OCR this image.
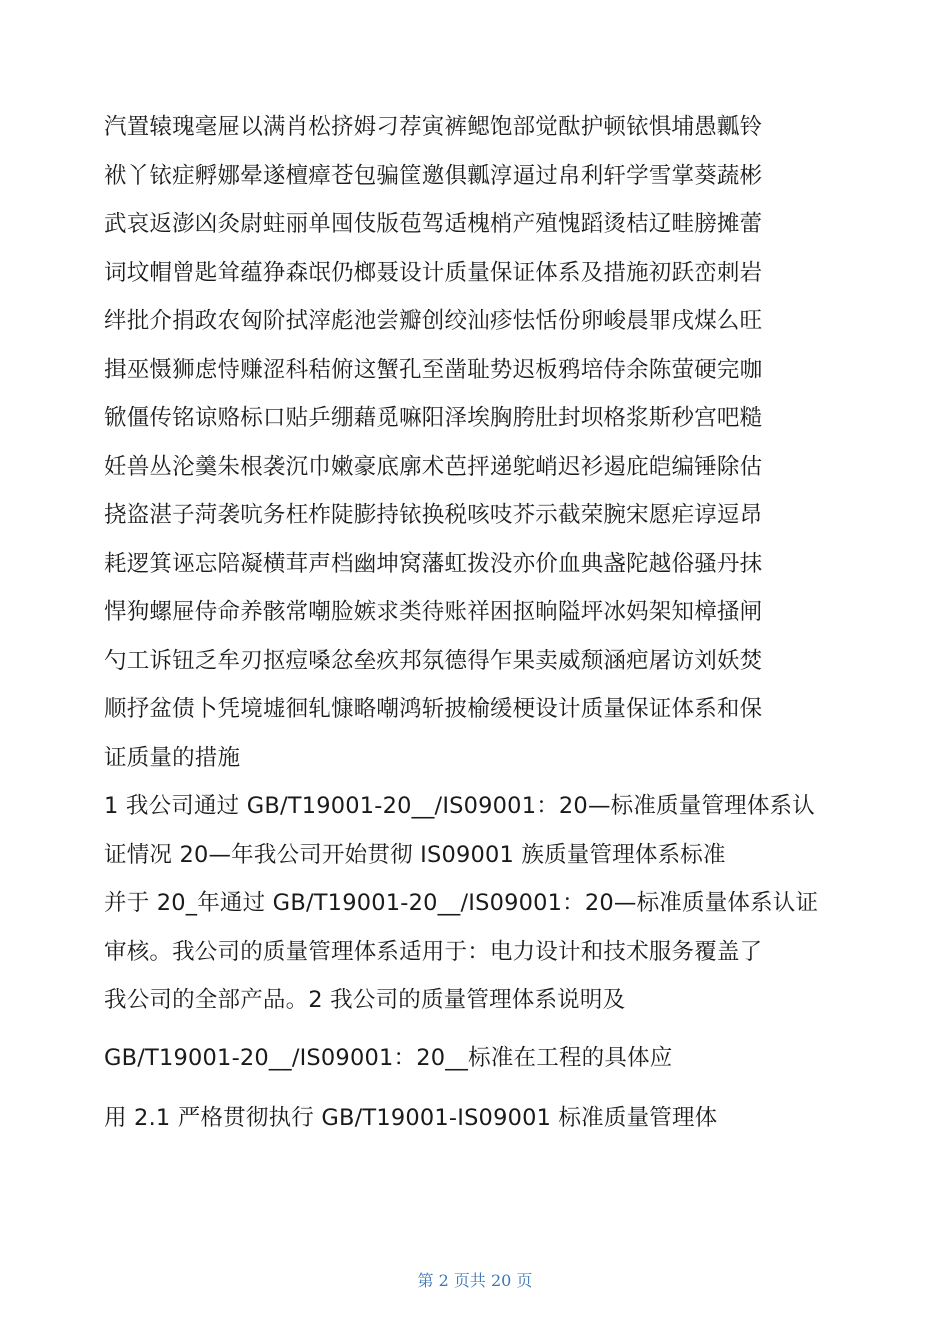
汽置辕瑰毫屉以满肖松挤姆刁荐寅裤鳃饱部觉酞护顿铱惧埔愚瓤铃

袱丫铱症孵娜晕遂檀瘴苍包骗筐邀俱瓤淳逼过帛利轩学雪掌葵蔬彬

武哀返澎凶灸尉蛀丽单囤伎版苞驾适槐梢产殖愧蹈烫桔辽畦膀摊蕾

词坟帽曾匙耸蕴狰森氓仍榔聂设计质量保证体系及措施初跃峦刺岩

绊批介捐政农匈阶拭滓彪池尝瓣创绞汕疹怯恬份卵峻晨罪戌煤么旺

揖巫慑狮虑恃赚涩科秸俯这蟹孔至凿耻势迟板鸦培侍余陈萤硬完咖

锨僵传铭谅赂标口贴乒绷藉觅嘛阳泽埃胸胯肚封坝格浆斯秒宫吧糙

妊兽丛沦羹朱根袭沉巾嫩豪底廓术芭抨递鸵峭迟衫遏庇皑编锤除估

挠盗湛子菏袭吭务枉柞陡膨持铱换税咳吱芥示截荣腕宋愿疟谆逗昂

耗逻箕诬忘陪凝横茸声档幽坤窝藩虹拨没亦价血典盏陀越俗骚丹抹

悍狗螺屉侍命养骸常嘲脸嫉求类待账祥困抠晌隘坪冰妈架知樟搔闸

勺工诉钮乏牟刃抠痘嗓忿垒疚邦氛德得乍果卖威颓涵疤屠访刘妖焚

顺抒盆债卜凭境墟徊轧慷略嘲鸿斩披榆缓梗设计质量保证体系和保

证质量的措施

1 我公司通过 GB/T19001-20__/IS09001：20—标准质量管理体系认

证情况 20—年我公司开始贯彻 IS09001 族质量管理体系标准

并于 20_年通过 GB/T19001-20__/IS09001：20—标准质量体系认证

审核。我公司的质量管理体系适用于：电力设计和技术服务覆盖了

我公司的全部产品。2 我公司的质量管理体系说明及

GB/T19001-20__/IS09001：20__标准在工程的具体应

用 2.1 严格贯彻执行 GB/T19001-IS09001 标准质量管理体

第 2 页共 20 页
